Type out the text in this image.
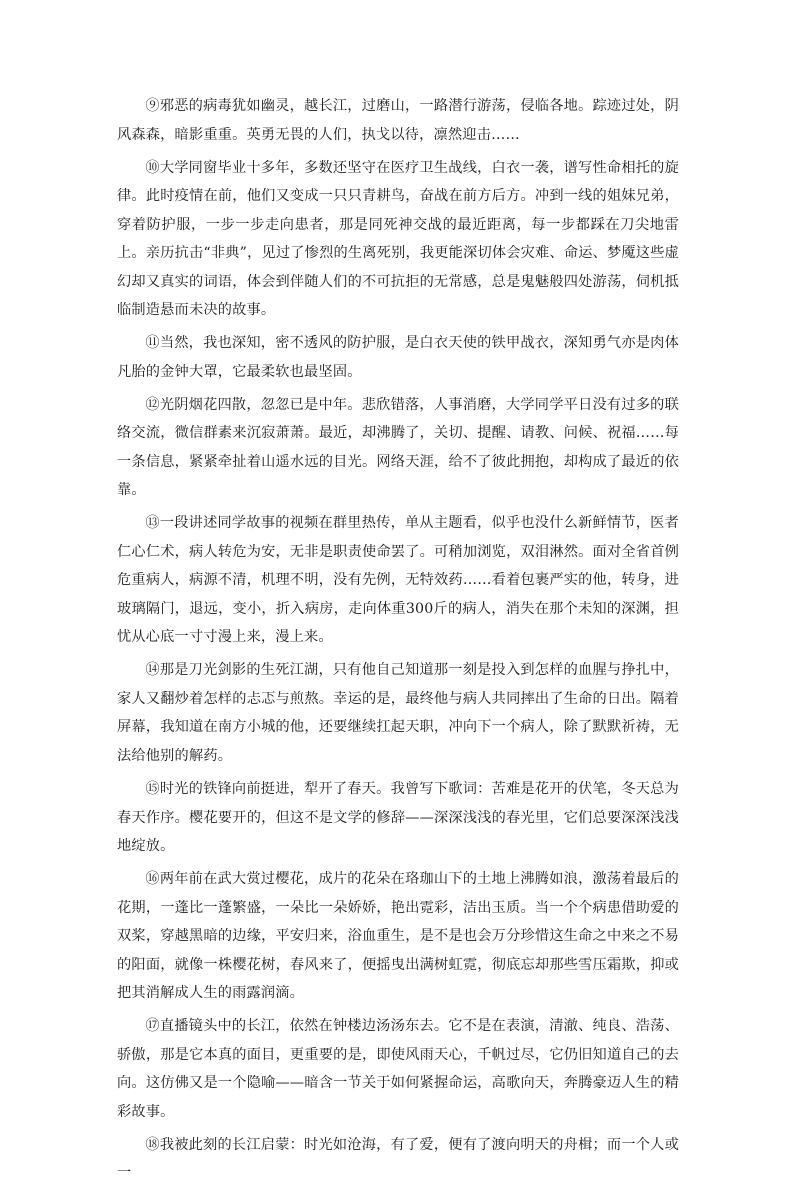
⑨邪恶的病毒犹如幽灵，越长江，过磨山，一路潜行游荡，侵临各地。踪迹过处，阴风森森，暗影重重。英勇无畏的人们，执戈以待，凛然迎击……

⑩大学同窗毕业十多年，多数还坚守在医疗卫生战线，白衣一袭，谱写性命相托的旋律。此时疫情在前，他们又变成一只只青耕鸟，奋战在前方后方。冲到一线的姐妹兄弟，穿着防护服，一步一步走向患者，那是同死神交战的最近距离，每一步都踩在刀尖地雷上。亲历抗击“非典”，见过了惨烈的生离死别，我更能深切体会灾难、命运、梦魇这些虚幻却又真实的词语，体会到伴随人们的不可抗拒的无常感，总是鬼魅般四处游荡，伺机抵临制造悬而未决的故事。

⑪当然，我也深知，密不透风的防护服，是白衣天使的铁甲战衣，深知勇气亦是肉体凡胎的金钟大罩，它最柔软也最坚固。

⑫光阴烟花四散，忽忽已是中年。悲欣错落，人事消磨，大学同学平日没有过多的联络交流，微信群素来沉寂萧萧。最近，却沸腾了，关切、提醒、请教、问候、祝福……每一条信息，紧紧牵扯着山遥水远的目光。网络天涯，给不了彼此拥抱，却构成了最近的依靠。

⑬一段讲述同学故事的视频在群里热传，单从主题看，似乎也没什么新鲜情节，医者仁心仁术，病人转危为安，无非是职责使命罢了。可稍加浏览，双泪淋然。面对全省首例危重病人，病源不清，机理不明，没有先例，无特效药……看着包裹严实的他，转身，进玻璃隔门，退远，变小，折入病房，走向体重300斤的病人，消失在那个未知的深渊，担忧从心底一寸寸漫上来，漫上来。

⑭那是刀光剑影的生死江湖，只有他自己知道那一刻是投入到怎样的血腥与挣扎中，家人又翻炒着怎样的忐忑与煎熬。幸运的是，最终他与病人共同摔出了生命的日出。隔着屏幕，我知道在南方小城的他，还要继续扛起天职，冲向下一个病人，除了默默祈祷，无法给他别的解药。

⑮时光的铁锋向前挺进，犁开了春天。我曾写下歌词：苦难是花开的伏笔，冬天总为春天作序。樱花要开的，但这不是文学的修辞——深深浅浅的春光里，它们总要深深浅浅地绽放。

⑯两年前在武大赏过樱花，成片的花朵在珞珈山下的土地上沸腾如浪，激荡着最后的花期，一蓬比一蓬繁盛，一朵比一朵娇娇，艳出霓彩，洁出玉质。当一个个病患借助爱的双桨，穿越黑暗的边缘，平安归来，浴血重生，是不是也会万分珍惜这生命之中来之不易的阳面，就像一株樱花树，春风来了，便摇曳出满树虹霓，彻底忘却那些雪压霜欺，抑或把其消解成人生的雨露润滴。

⑰直播镜头中的长江，依然在钟楼边汤汤东去。它不是在表演，清澈、纯良、浩荡、骄傲，那是它本真的面目，更重要的是，即使风雨天心，千帆过尽，它仍旧知道自己的去向。这仿佛又是一个隐喻——暗含一节关于如何紧握命运，高歌向天，奔腾豪迈人生的精彩故事。

⑱我被此刻的长江启蒙：时光如沧海，有了爱，便有了渡向明天的舟楫；而一个人或一
